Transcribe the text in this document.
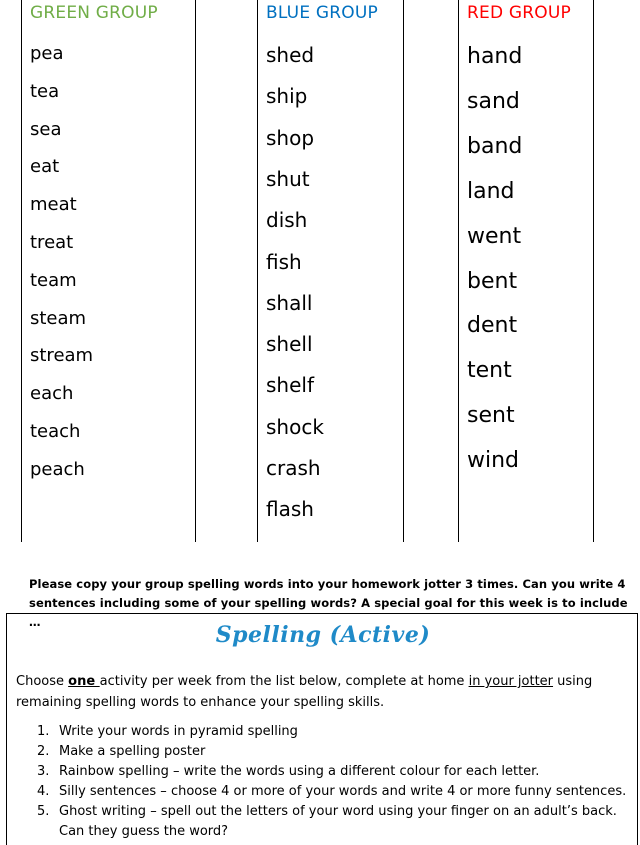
GREEN GROUP
pea
tea
sea
eat
meat
treat
team
steam
stream
each
teach
peach
BLUE GROUP
shed
ship
shop
shut
dish
fish
shall
shell
shelf
shock
crash
flash
RED GROUP
hand
sand
band
land
went
bent
dent
tent
sent
wind
Please copy your group spelling words into your homework jotter 3 times. Can you write 4
sentences including some of your spelling words? A special goal for this week is to include …	Spelling (Active)
Choose one activity per week from the list below, complete at home in your jotter using remaining spelling words to enhance your spelling skills.
1. Write your words in pyramid spelling
2. Make a spelling poster
3. Rainbow spelling – write the words using a different colour for each letter.
4. Silly sentences – choose 4 or more of your words and write 4 or more funny sentences.
5. Ghost writing – spell out the letters of your word using your finger on an adult’s back.
Can they guess the word?
